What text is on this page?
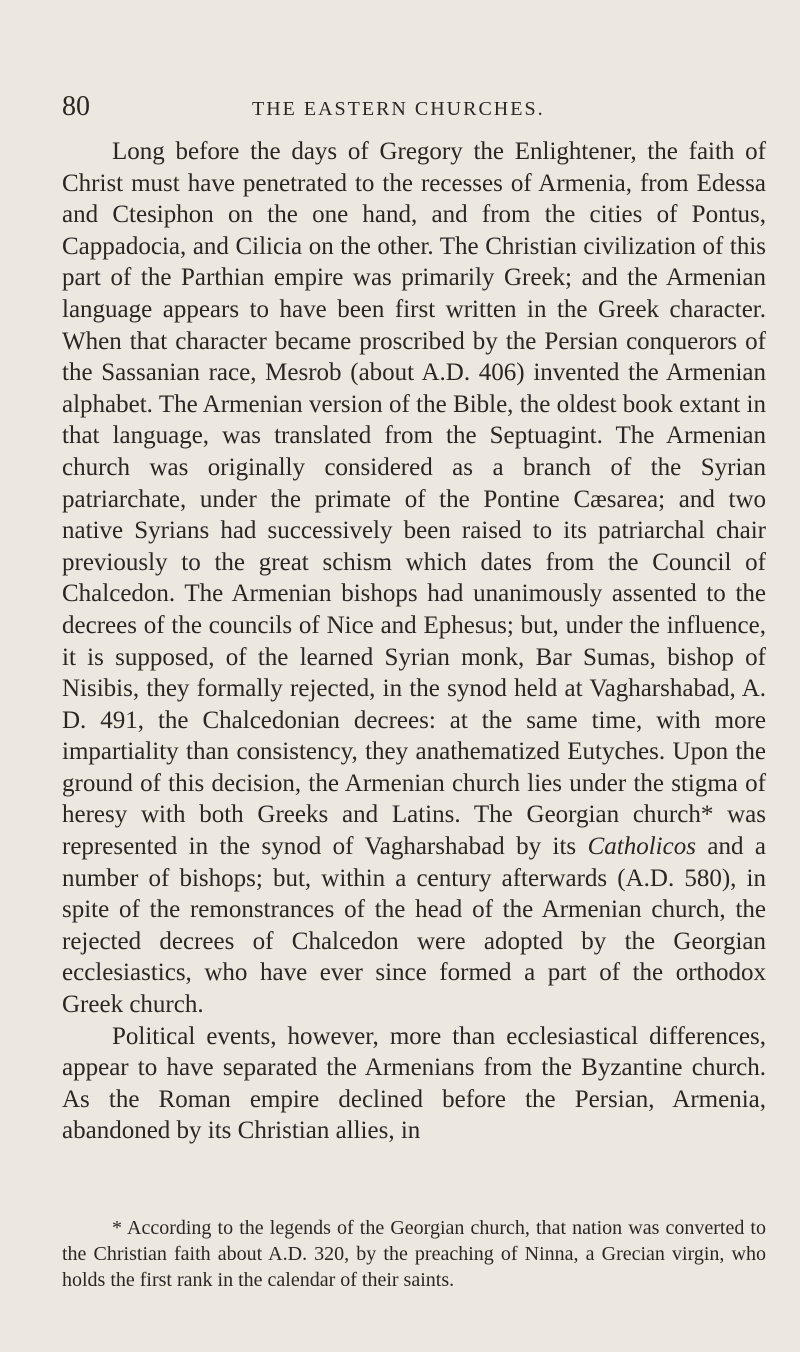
80	THE EASTERN CHURCHES.

Long before the days of Gregory the Enlightener, the faith of Christ must have penetrated to the recesses of Armenia, from Edessa and Ctesiphon on the one hand, and from the cities of Pontus, Cappadocia, and Cilicia on the other. The Christian civilization of this part of the Parthian empire was primarily Greek; and the Armenian language appears to have been first written in the Greek character. When that character became proscribed by the Persian conquerors of the Sassanian race, Mesrob (about A.D. 406) invented the Armenian alphabet. The Armenian version of the Bible, the oldest book extant in that language, was translated from the Septuagint. The Armenian church was originally considered as a branch of the Syrian patriarchate, under the primate of the Pontine Cæsarea; and two native Syrians had successively been raised to its patriarchal chair previously to the great schism which dates from the Council of Chalcedon. The Armenian bishops had unanimously assented to the decrees of the councils of Nice and Ephesus; but, under the influence, it is supposed, of the learned Syrian monk, Bar Sumas, bishop of Nisibis, they formally rejected, in the synod held at Vagharshabad, A. D. 491, the Chalcedonian decrees: at the same time, with more impartiality than consistency, they anathematized Eutyches. Upon the ground of this decision, the Armenian church lies under the stigma of heresy with both Greeks and Latins. The Georgian church* was represented in the synod of Vagharshabad by its Catholicos and a number of bishops; but, within a century afterwards (A.D. 580), in spite of the remonstrances of the head of the Armenian church, the rejected decrees of Chalcedon were adopted by the Georgian ecclesiastics, who have ever since formed a part of the orthodox Greek church.

Political events, however, more than ecclesiastical differences, appear to have separated the Armenians from the Byzantine church. As the Roman empire declined before the Persian, Armenia, abandoned by its Christian allies, in

* According to the legends of the Georgian church, that nation was converted to the Christian faith about A.D. 320, by the preaching of Ninna, a Grecian virgin, who holds the first rank in the calendar of their saints.
